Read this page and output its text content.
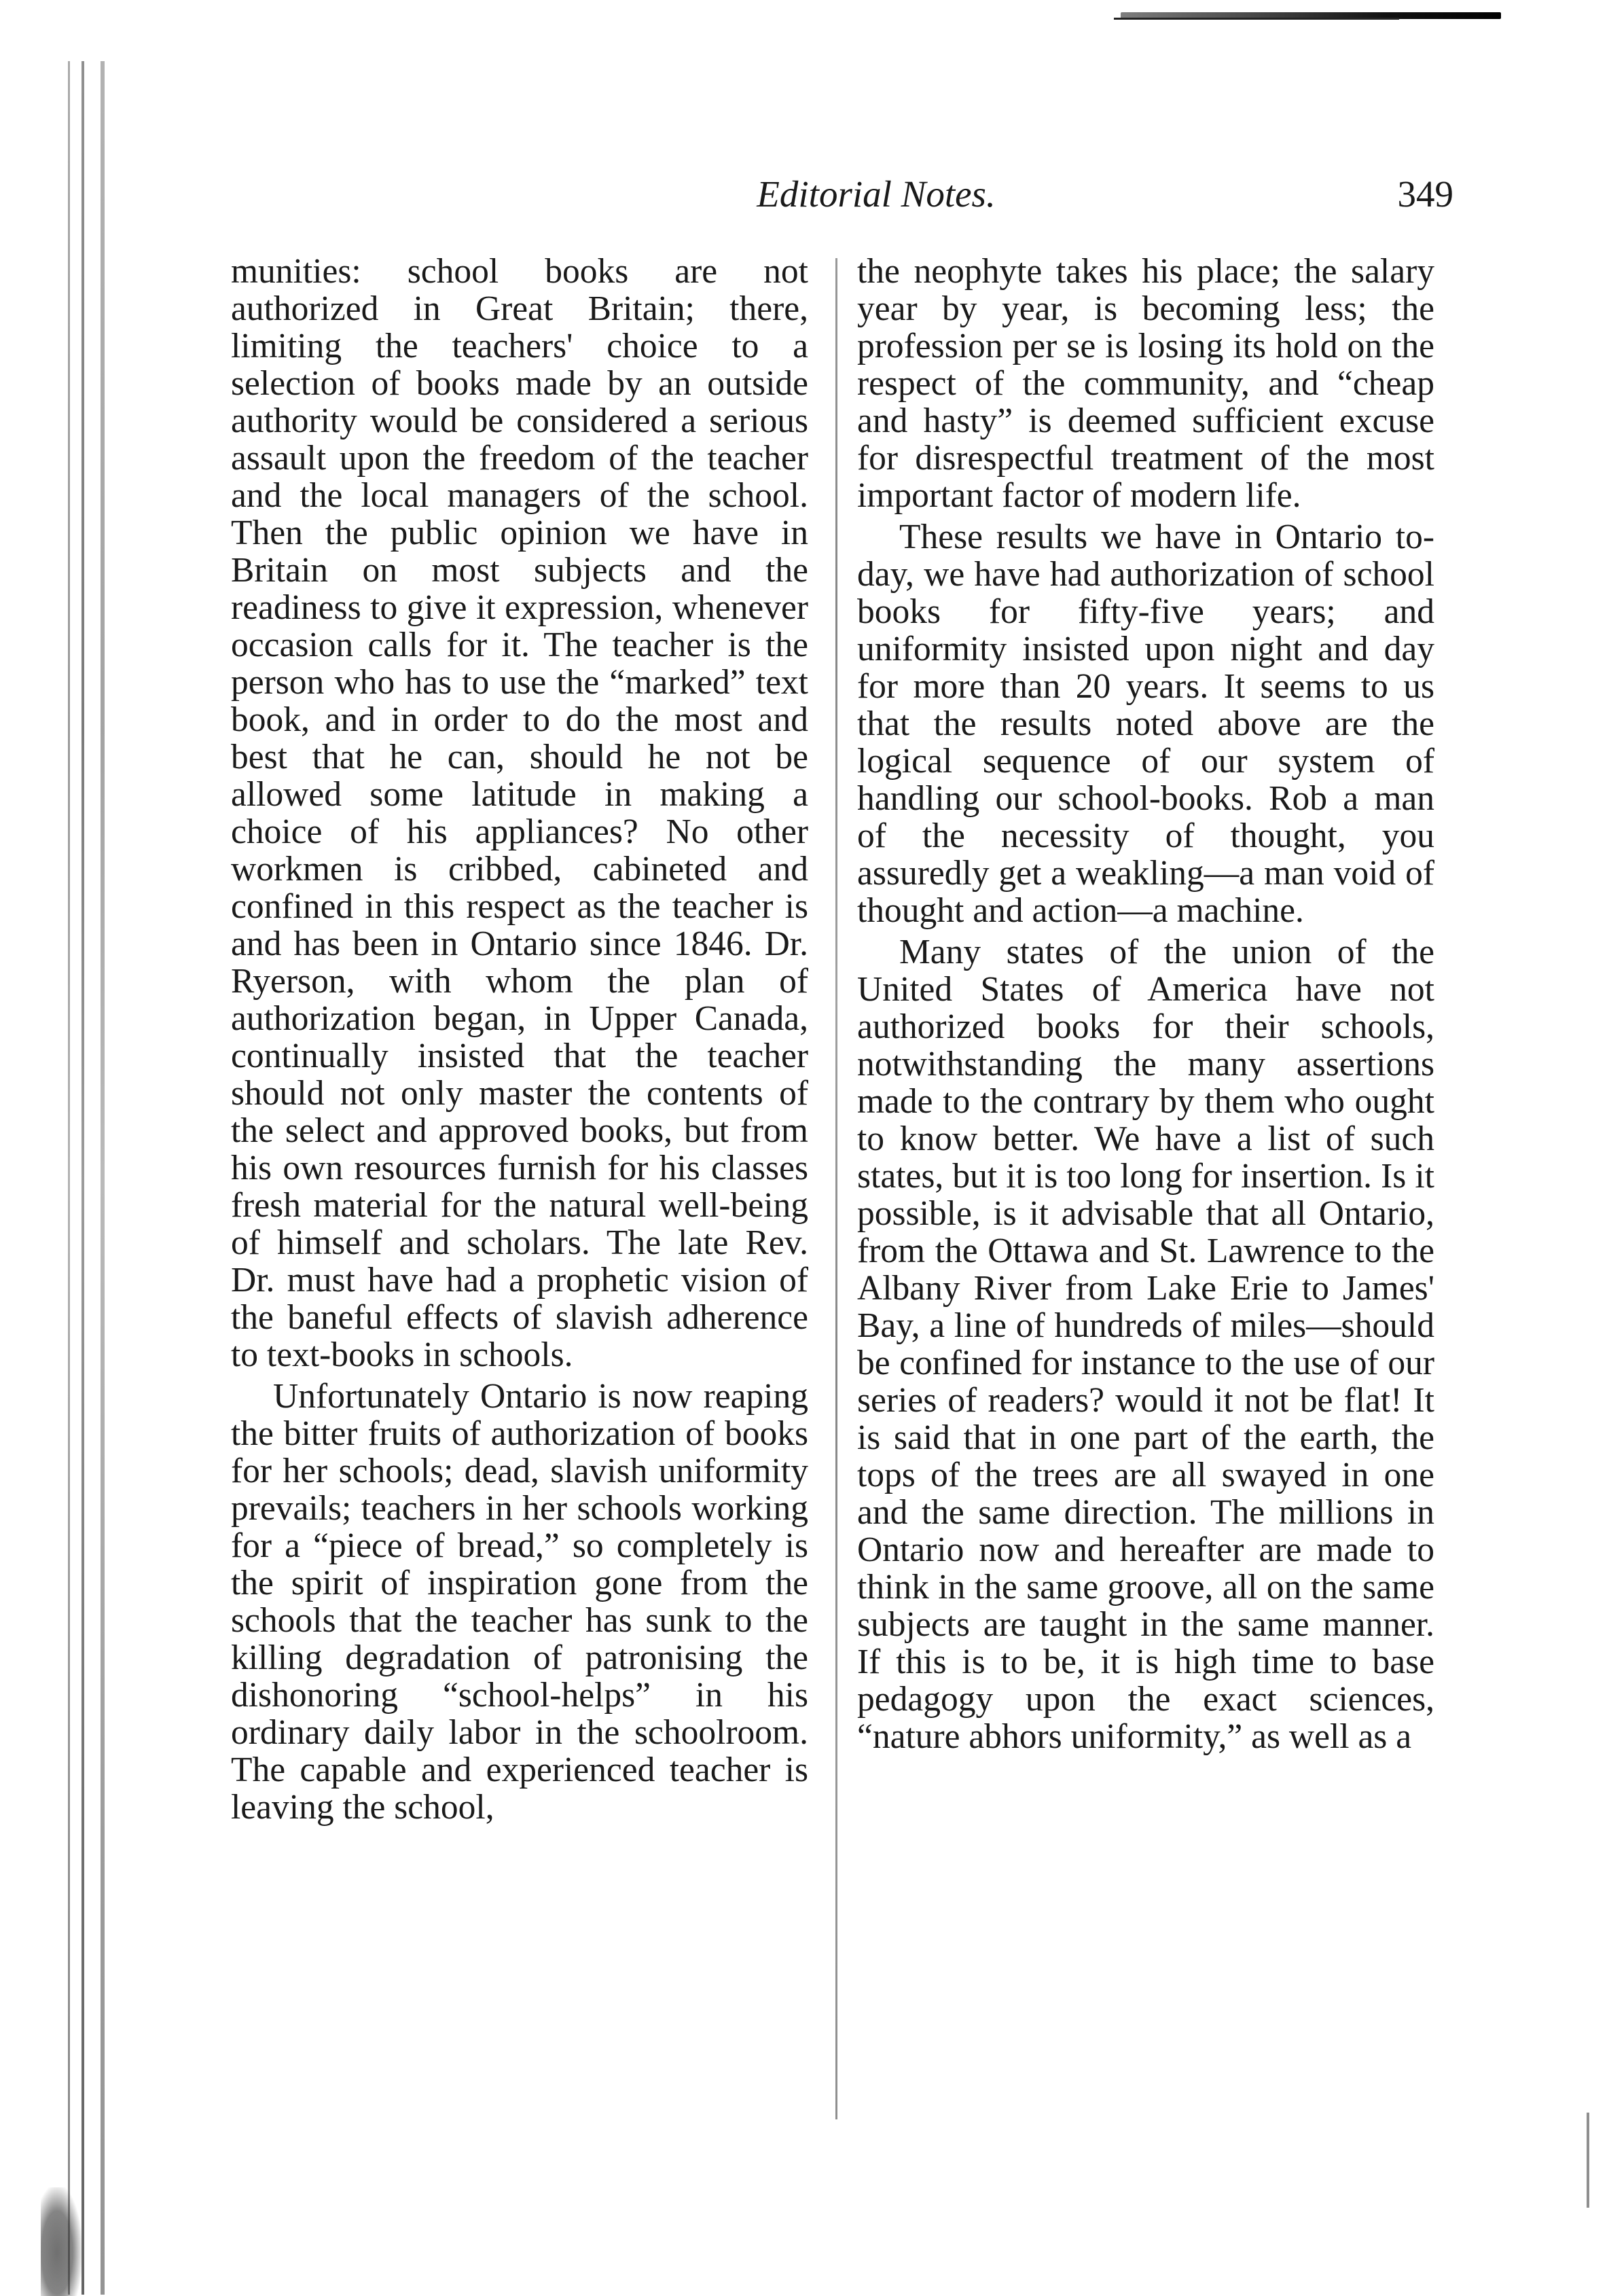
Editorial Notes.	349

munities: school books are not authorized in Great Britain; there, limiting the teachers' choice to a selection of books made by an outside authority would be considered a serious assault upon the freedom of the teacher and the local managers of the school. Then the public opinion we have in Britain on most subjects and the readiness to give it expression, whenever occasion calls for it. The teacher is the person who has to use the “marked” text book, and in order to do the most and best that he can, should he not be allowed some latitude in making a choice of his appliances? No other workmen is cribbed, cabineted and confined in this respect as the teacher is and has been in Ontario since 1846. Dr. Ryerson, with whom the plan of authorization began, in Upper Canada, continually insisted that the teacher should not only master the contents of the select and approved books, but from his own resources furnish for his classes fresh material for the natural well-being of himself and scholars. The late Rev. Dr. must have had a prophetic vision of the baneful effects of slavish adherence to text-books in schools.

Unfortunately Ontario is now reaping the bitter fruits of authorization of books for her schools; dead, slavish uniformity prevails; teachers in her schools working for a “piece of bread,” so completely is the spirit of inspiration gone from the schools that the teacher has sunk to the killing degradation of patronising the dishonoring “school-helps” in his ordinary daily labor in the schoolroom. The capable and experienced teacher is leaving the school,

the neophyte takes his place; the salary year by year, is becoming less; the profession per se is losing its hold on the respect of the community, and “cheap and hasty” is deemed sufficient excuse for disrespectful treatment of the most important factor of modern life.

These results we have in Ontario to-day, we have had authorization of school books for fifty-five years; and uniformity insisted upon night and day for more than 20 years. It seems to us that the results noted above are the logical sequence of our system of handling our school-books. Rob a man of the necessity of thought, you assuredly get a weakling—a man void of thought and action—a machine.

Many states of the union of the United States of America have not authorized books for their schools, notwithstanding the many assertions made to the contrary by them who ought to know better. We have a list of such states, but it is too long for insertion. Is it possible, is it advisable that all Ontario, from the Ottawa and St. Lawrence to the Albany River from Lake Erie to James' Bay, a line of hundreds of miles—should be confined for instance to the use of our series of readers? would it not be flat! It is said that in one part of the earth, the tops of the trees are all swayed in one and the same direction. The millions in Ontario now and hereafter are made to think in the same groove, all on the same subjects are taught in the same manner. If this is to be, it is high time to base pedagogy upon the exact sciences, “nature abhors uniformity,” as well as a
